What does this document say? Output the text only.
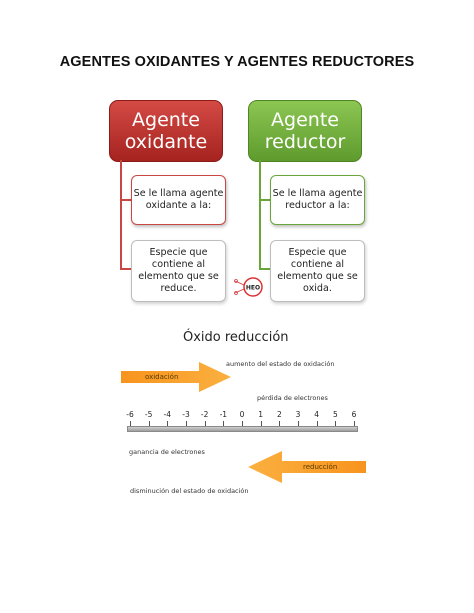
AGENTES OXIDANTES Y AGENTES REDUCTORES
Agente
oxidante
Agente
reductor
Se le llama agente
oxidante a la:
Especie que
contiene al
elemento que se
reduce.
Se le llama agente
reductor a la:
Especie que
contiene al
elemento que se
oxida.
HEO
Óxido reducción
oxidación
aumento del estado de oxidación
pérdida de electrones
-6	-5	-4	-3	-2	-1	0	1	2	3	4	5	6
ganancia de electrones
reducción
disminución del estado de oxidación
